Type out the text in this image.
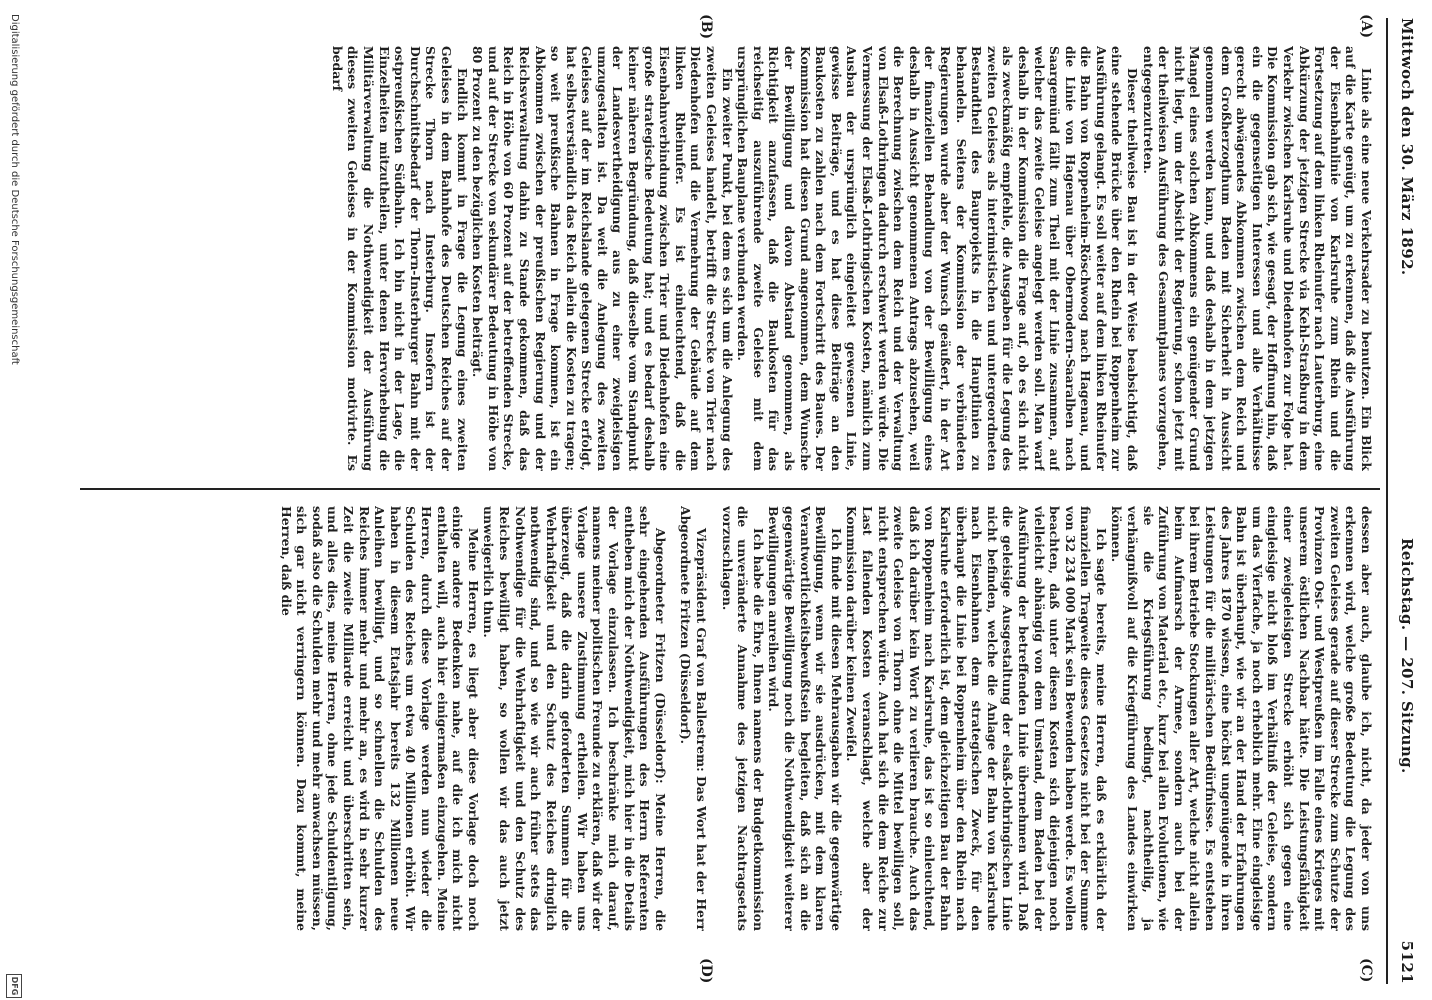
Mittwoch den 30. März 1892.
Reichstag. — 207. Sitzung.
5121
(A)
(B)
(C)
(D)

Linie als eine neue Verkehrsader zu benutzen. Ein Blick auf die Karte genügt, um zu erkennen, daß die Ausführung der Eisenbahnlinie von Karlsruhe zum Rhein und die Fortsetzung auf dem linken Rheinufer nach Lauterburg, eine Abkürzung der jetzigen Strecke via Kehl-Straßburg in dem Verkehr zwischen Karlsruhe und Diedenhofen zur Folge hat. Die Kommission gab sich, wie gesagt, der Hoffnung hin, daß ein die gegenseitigen Interessen und alle Verhältnisse gerecht abwägendes Abkommen zwischen dem Reich und dem Großherzogthum Baden mit Sicherheit in Aussicht genommen werden kann, und daß deshalb in dem jetzigen Mangel eines solchen Abkommens ein genügender Grund nicht liegt, um der Absicht der Regierung, schon jetzt mit der theilweisen Ausführung des Gesammtplanes vorzugehen, entgegenzutreten.

Dieser theilweise Bau ist in der Weise beabsichtigt, daß eine stehende Brücke über den Rhein bei Roppenheim zur Ausführung gelangt. Es soll weiter auf dem linken Rheinufer die Bahn von Roppenheim-Röschwoog nach Hagenau, und die Linie von Hagenau über Obermodern-Saaralben nach Saargemünd fällt zum Theil mit der Linie zusammen, auf welcher das zweite Geleise angelegt werden soll. Man warf deshalb in der Kommission die Frage auf, ob es sich nicht als zweckmäßig empfehle, die Ausgaben für die Legung des zweiten Geleises als interimistischen und untergeordneten Bestandtheil des Bauprojekts in die Hauptlinien zu behandeln. Seitens der Kommission der verbündeten Regierungen wurde aber der Wunsch geäußert, in der Art der finanziellen Behandlung von der Bewilligung eines deshalb in Aussicht genommenen Antrags abzusehen, weil die Berechnung zwischen dem Reich und der Verwaltung von Elsaß-Lothringen dadurch erschwert werden würde. Die Vermessung der Elsaß-Lothringischen Kosten, nämlich zum Ausbau der ursprünglich eingeleitet gewesenen Linie, gewisse Beiträge, und es hat diese Beiträge an den Baukosten zu zahlen nach dem Fortschritt des Baues. Der Kommission hat diesen Grund angenommen, dem Wunsche der Bewilligung und davon Abstand genommen, als Richtigkeit anzufassen, daß die Baukosten für das reichseitig auszuführende zweite Geleise mit dem ursprünglichen Bauplane verbunden werden.

Ein zweiter Punkt, bei dem es sich um die Anlegung des zweiten Geleises handelt, betrifft die Strecke von Trier nach Diedenhofen und die Vermehrung der Gebäude auf dem linken Rheinufer. Es ist einleuchtend, daß die Eisenbahnverbindung zwischen Trier und Diedenhofen eine große strategische Bedeutung hat; und es bedarf deshalb keiner näheren Begründung, daß dieselbe vom Standpunkt der Landesvertheidigung aus zu einer zweigleisigen umzugestalten ist. Da weit die Anlegung des zweiten Geleises auf der im Reichslande gelegenen Strecke erfolgt, hat selbstverständlich das Reich allein die Kosten zu tragen; so weit preußische Bahnen in Frage kommen, ist ein Abkommen zwischen der preußischen Regierung und der Reichsverwaltung dahin zu Stande gekommen, daß das Reich in Höhe von 60 Prozent auf der betreffenden Strecke, und auf der Strecke von sekundärer Bedeutung in Höhe von 80 Prozent zu den bezüglichen Kosten beiträgt.

Endlich kommt in Frage die Legung eines zweiten Geleises in dem Bahnhofe des Deutschen Reiches auf der Strecke Thorn nach Insterburg. Insofern ist der Durchschnittsbedarf der Thorn-Insterburger Bahn mit der ostpreußischen Südbahn. Ich bin nicht in der Lage, die Einzelheiten mitzutheilen, unter denen Hervorhebung die Militärverwaltung die Nothwendigkeit der Ausführung dieses zweiten Geleises in der Kommission motivirte. Es bedarf

dessen aber auch, glaube ich, nicht, da jeder von uns erkennen wird, welche große Bedeutung die Legung des zweiten Geleises gerade auf dieser Strecke zum Schutze der Provinzen Ost- und Westpreußen im Falle eines Krieges mit unserem östlichen Nachbar hätte. Die Leistungsfähigkeit einer zweigeleisigen Strecke erhöht sich gegen eine eingleisige nicht bloß im Verhältniß der Geleise, sondern um das Vierfache, ja noch erheblich mehr. Eine eingleisige Bahn ist überhaupt, wie wir an der Hand der Erfahrungen des Jahres 1870 wissen, eine höchst ungenügende in ihren Leistungen für die militärischen Bedürfnisse. Es entstehen bei ihrem Betriebe Stockungen aller Art, welche nicht allein beim Aufmarsch der Armee, sondern auch bei der Zuführung von Material etc., kurz bei allen Evolutionen, wie sie die Kriegsführung bedingt, nachtheilig, ja verhängnißvoll auf die Kriegführung des Landes einwirken können.

Ich sagte bereits, meine Herren, daß es erklärlich der finanziellen Tragweite dieses Gesetzes nicht bei der Summe von 32 234 000 Mark sein Bewenden haben werde. Es wollen beachten, daß unter diesen Kosten sich diejenigen noch vielleicht abhängig von dem Umstand, dem Baden bei der Ausführung der betreffenden Linie übernehmen wird. Daß die geleisige Ausgestaltung der elsaß-lothringischen Linie nicht befinden, welche die Anlage der Bahn von Karlsruhe nach Eisenbahnen dem strategischen Zweck, für den überhaupt die Linie bei Roppenheim über den Rhein nach Karlsruhe erforderlich ist, dem gleichzeitigen Bau der Bahn von Roppenheim nach Karlsruhe, das ist so einleuchtend, daß ich darüber kein Wort zu verlieren brauche. Auch das zweite Geleise von Thorn ohne die Mittel bewilligen soll, nicht entsprechen würde. Auch hat sich die dem Reiche zur Last fallenden Kosten veranschlagt, welche aber der Kommission darüber keinen Zweifel.

Ich finde mit diesen Mehrausgaben wir die gegenwärtige Bewilligung, wenn wir sie ausdrücken, mit dem klaren Verantwortlichkeitsbewußtsein begleiten, daß sich an die gegenwärtige Bewilligung noch die Nothwendigkeit weiterer Bewilligungen anreihen wird.

Ich habe die Ehre, Ihnen namens der Budgetkommission die unveränderte Annahme des jetzigen Nachtragsetats vorzuschlagen.

Vizepräsident Graf von Ballestrem: Das Wort hat der Herr Abgeordnete Fritzen (Düsseldorf).

Abgeordneter Fritzen (Düsseldorf): Meine Herren, die sehr eingehenden Ausführungen des Herrn Referenten entheben mich der Nothwendigkeit, mich hier in die Details der Vorlage einzulassen. Ich beschränke mich darauf, namens meiner politischen Freunde zu erklären, daß wir der Vorlage unsere Zustimmung ertheilen. Wir haben uns überzeugt, daß die darin geforderten Summen für die Wehrhaftigkeit und den Schutz des Reiches dringlich nothwendig sind, und so wie wir auch früher stets das Nothwendige für die Wehrhaftigkeit und den Schutz des Reiches bewilligt haben, so wollen wir das auch jetzt unweigerlich thun.

Meine Herren, es liegt aber diese Vorlage doch noch einige andere Bedenken nahe, auf die ich mich nicht enthalten will, auch hier einigermaßen einzugehen. Meine Herren, durch diese Vorlage werden nun wieder die Schulden des Reiches um etwa 40 Millionen erhöht. Wir haben in diesem Etatsjahr bereits 132 Millionen neue Anleihen bewilligt, und so schnellen die Schulden des Reiches immer mehr und mehr an, es wird in sehr kurzer Zeit die zweite Milliarde erreicht und überschritten sein, und alles dies, meine Herren, ohne jede Schuldentilgung, sodaß also die Schulden mehr und mehr anwachsen müssen, sich gar nicht verringern können. Dazu kommt, meine Herren, daß die

Digitalisierung gefördert durch die Deutsche Forschungsgemeinschaft
DFG
